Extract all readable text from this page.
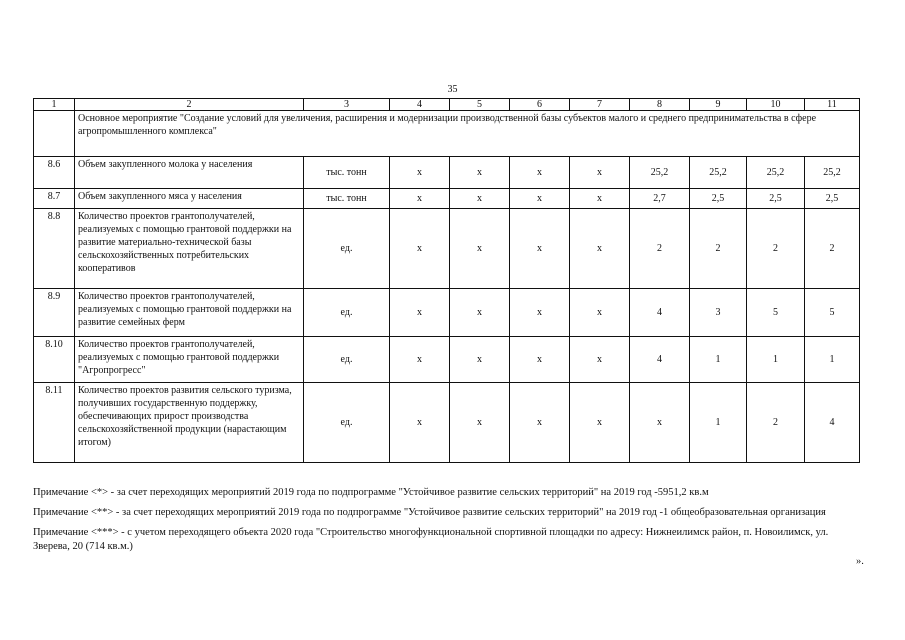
35
1	2	3	4	5	6	7	8	9	10	11
	Основное мероприятие "Создание условий для увеличения, расширения и модернизации производственной базы субъектов малого и среднего предпринимательства в сфере агропромышленного комплекса"									
8.6	Объем закупленного молока у населения	тыс. тонн	х	х	х	х	25,2	25,2	25,2	25,2
8.7	Объем закупленного мяса у населения	тыс. тонн	х	х	х	х	2,7	2,5	2,5	2,5
8.8	Количество проектов грантополучателей, реализуемых с помощью грантовой поддержки на развитие материально-технической базы сельскохозяйственных потребительских кооперативов	ед.	х	х	х	х	2	2	2	2
8.9	Количество проектов грантополучателей, реализуемых с помощью грантовой поддержки на развитие семейных ферм	ед.	х	х	х	х	4	3	5	5
8.10	Количество проектов грантополучателей, реализуемых с помощью грантовой поддержки "Агропрогресс"	ед.	х	х	х	х	4	1	1	1
8.11	Количество проектов развития сельского туризма, получивших государственную поддержку, обеспечивающих прирост производства сельскохозяйственной продукции (нарастающим итогом)	ед.	х	х	х	х	х	1	2	4

Примечание <*> - за счет переходящих мероприятий 2019 года по подпрограмме "Устойчивое развитие сельских территорий" на 2019 год -5951,2 кв.м

Примечание <**> - за счет переходящих мероприятий 2019 года по подпрограмме "Устойчивое развитие сельских территорий" на 2019 год -1 общеобразовательная организация

Примечание <***> - с учетом переходящего объекта 2020 года "Строительство многофункциональной спортивной площадки по адресу: Нижнеилимск район, п. Новоилимск, ул. Зверева, 20 (714 кв.м.)

».
